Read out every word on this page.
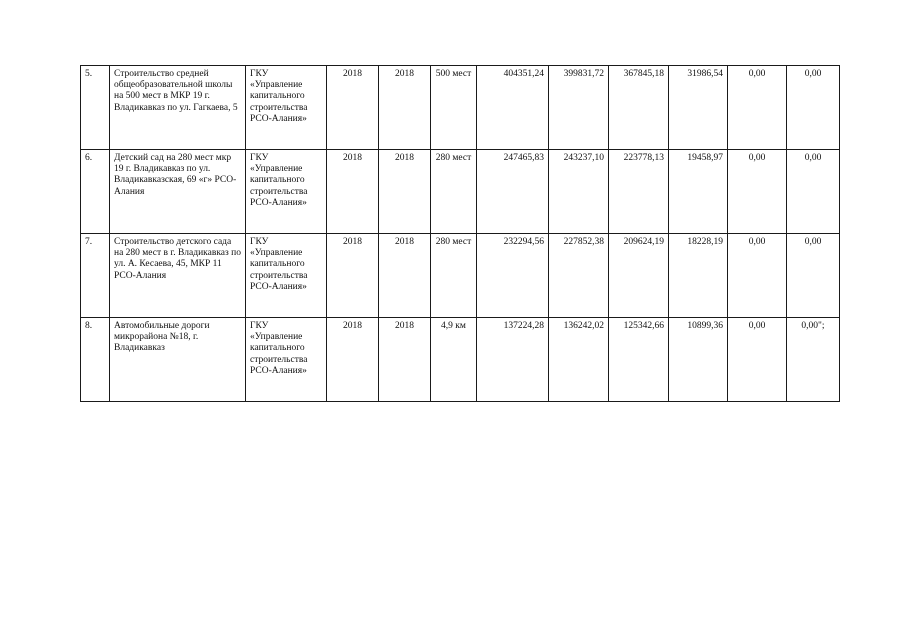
5.	Строительство средней общеобразовательной школы на 500 мест в МКР 19 г. Владикавказ по ул. Гагкаева, 5	ГКУ «Управление капитального строительства РСО-Алания»	2018	2018	500 мест	404351,24	399831,72	367845,18	31986,54	0,00	0,00
6.	Детский сад на 280 мест мкр 19 г. Владикавказ по ул. Владикавказская, 69 «г» РСО-Алания	ГКУ «Управление капитального строительства РСО-Алания»	2018	2018	280 мест	247465,83	243237,10	223778,13	19458,97	0,00	0,00
7.	Строительство детского сада на 280 мест в г. Владикавказ по ул. А. Кесаева, 45, МКР 11 РСО-Алания	ГКУ «Управление капитального строительства РСО-Алания»	2018	2018	280 мест	232294,56	227852,38	209624,19	18228,19	0,00	0,00
8.	Автомобильные дороги микрорайона №18, г. Владикавказ	ГКУ «Управление капитального строительства РСО-Алания»	2018	2018	4,9 км	137224,28	136242,02	125342,66	10899,36	0,00	0,00";
